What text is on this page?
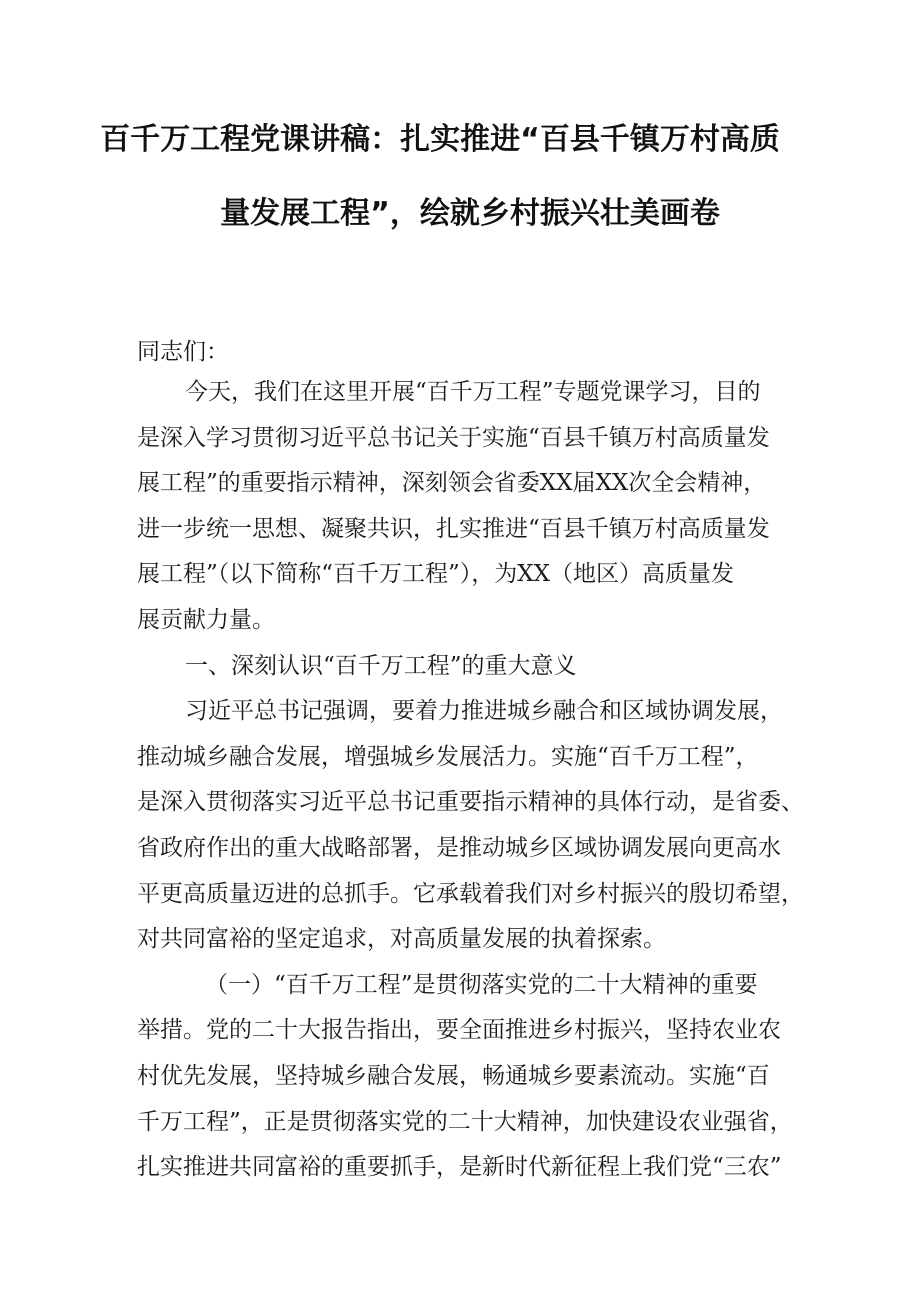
百千万工程党课讲稿：扎实推进“百县千镇万村高质
量发展工程”，绘就乡村振兴壮美画卷
同志们：
今天，我们在这里开展“百千万工程”专题党课学习，目的
是深入学习贯彻习近平总书记关于实施“百县千镇万村高质量发
展工程”的重要指示精神，深刻领会省委XX届XX次全会精神，
进一步统一思想、凝聚共识，扎实推进“百县千镇万村高质量发
展工程”（以下简称“百千万工程”），为XX（地区）高质量发
展贡献力量。
一、深刻认识“百千万工程”的重大意义
习近平总书记强调，要着力推进城乡融合和区域协调发展，
推动城乡融合发展，增强城乡发展活力。实施“百千万工程”，
是深入贯彻落实习近平总书记重要指示精神的具体行动，是省委、
省政府作出的重大战略部署，是推动城乡区域协调发展向更高水
平更高质量迈进的总抓手。它承载着我们对乡村振兴的殷切希望，
对共同富裕的坚定追求，对高质量发展的执着探索。
（一）“百千万工程”是贯彻落实党的二十大精神的重要
举措。党的二十大报告指出，要全面推进乡村振兴，坚持农业农
村优先发展，坚持城乡融合发展，畅通城乡要素流动。实施“百
千万工程”，正是贯彻落实党的二十大精神，加快建设农业强省，
扎实推进共同富裕的重要抓手，是新时代新征程上我们党“三农”
